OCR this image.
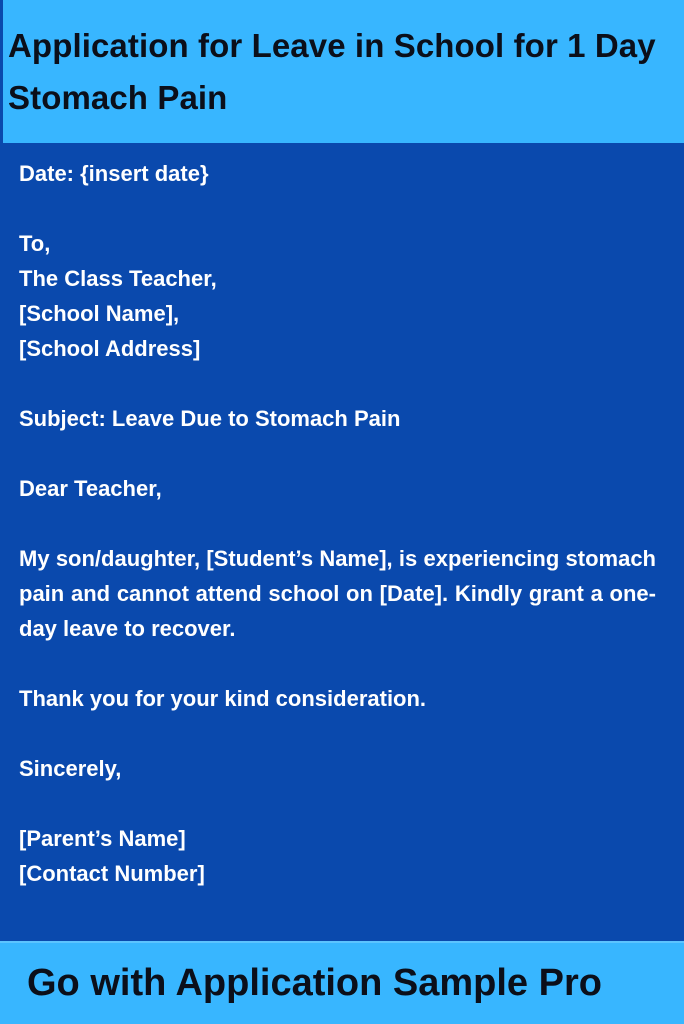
Application for Leave in School for 1 Day Stomach Pain

Date: {insert date}

To,

The Class Teacher,

[School Name],

[School Address]

Subject: Leave Due to Stomach Pain

Dear Teacher,

My son/daughter, [Student’s Name], is experiencing stomach pain and cannot attend school on [Date]. Kindly grant a one-day leave to recover.

Thank you for your kind consideration.

Sincerely,

[Parent’s Name]

[Contact Number]

Go with Application Sample Pro
